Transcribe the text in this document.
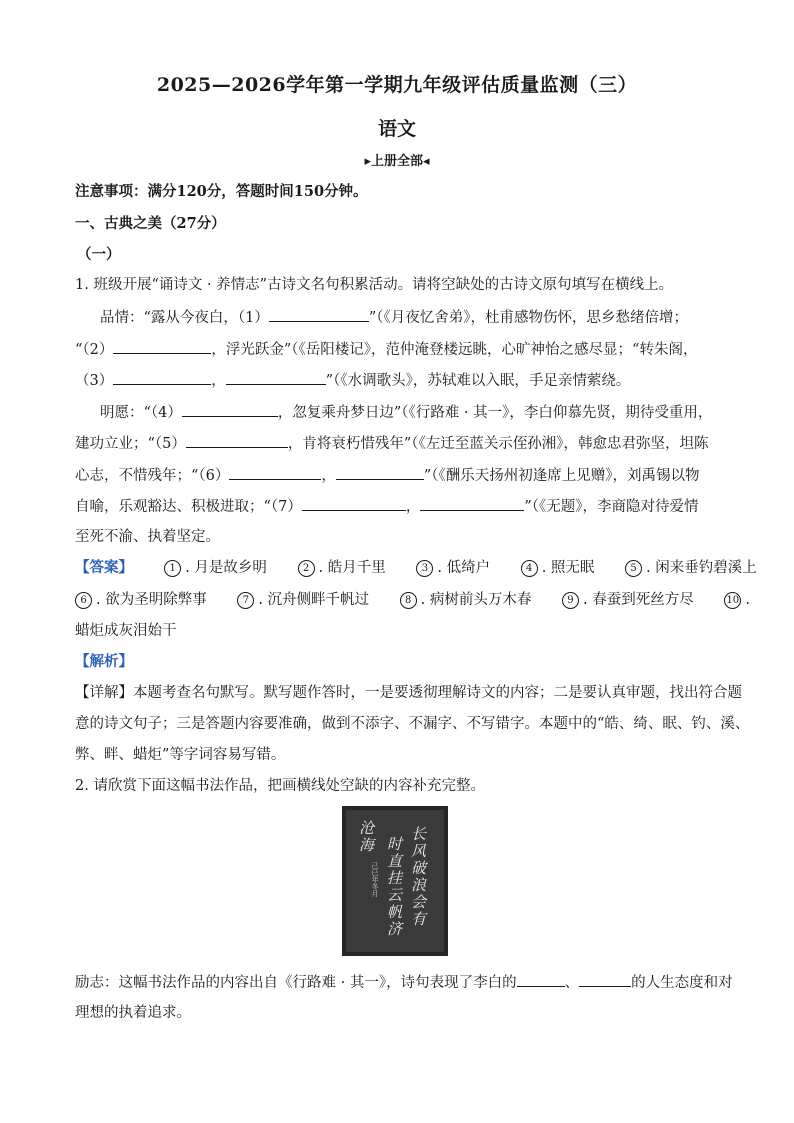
2025—2026学年第一学期九年级评估质量监测（三）
语文
▸上册全部◂
注意事项：满分120分，答题时间150分钟。
一、古典之美（27分）
（一）
1. 班级开展“诵诗文 · 养情志”古诗文名句积累活动。请将空缺处的古诗文原句填写在横线上。
品情：“露从今夜白，（1）	”（《月夜忆舍弟》，杜甫感物伤怀，思乡愁绪倍增；
“（2）	，浮光跃金”（《岳阳楼记》，范仲淹登楼远眺，心旷神怡之感尽显；“转朱阁，
（3）	，	”（《水调歌头》，苏轼难以入眠，手足亲情萦绕。
明愿：“（4）	，忽复乘舟梦日边”（《行路难 · 其一》，李白仰慕先贤，期待受重用，
建功立业；“（5）	，肯将衰朽惜残年”（《左迁至蓝关示侄孙湘》，韩愈忠君弥坚，坦陈
心志，不惜残年；“（6）	，	”（《酬乐天扬州初逢席上见赠》，刘禹锡以物
自喻，乐观豁达、积极进取；“（7）	，	”（《无题》，李商隐对待爱情
至死不渝、执着坚定。
【答案】	1 . 月是故乡明	2 . 皓月千里	3 . 低绮户	4 . 照无眠	5 . 闲来垂钓碧溪上
6 . 欲为圣明除弊事	7 . 沉舟侧畔千帆过	8 . 病树前头万木春	9 . 春蚕到死丝方尽	10 .
蜡炬成灰泪始干
【解析】
【详解】本题考查名句默写。默写题作答时，一是要透彻理解诗文的内容；二是要认真审题，找出符合题
意的诗文句子；三是答题内容要准确，做到不添字、不漏字、不写错字。本题中的“皓、绮、眠、钓、溪、
弊、畔、蜡炬”等字词容易写错。
2. 请欣赏下面这幅书法作品，把画横线处空缺的内容补充完整。
长风破浪会有
时直挂云帆济
沧海
己巳年冬月
励志：这幅书法作品的内容出自《行路难 · 其一》，诗句表现了李白的	、	的人生态度和对
理想的执着追求。
